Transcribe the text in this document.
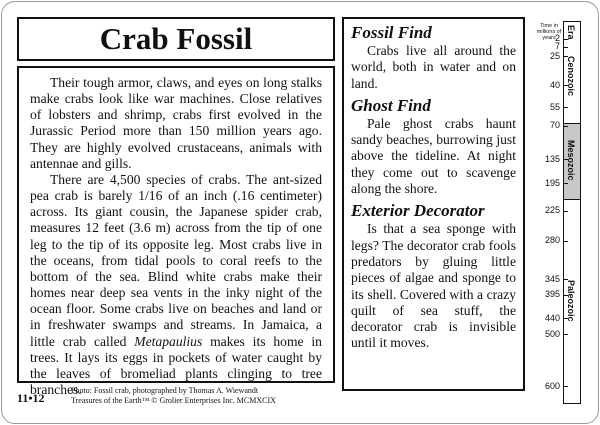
Crab Fossil

Their tough armor, claws, and eyes on long stalks make crabs look like war machines. Close relatives of lobsters and shrimp, crabs first evolved in the Jurassic Period more than 150 million years ago. They are highly evolved crustaceans, animals with antennae and gills.

There are 4,500 species of crabs. The ant-sized pea crab is barely 1/16 of an inch (.16 centimeter) across. Its giant cousin, the Japanese spider crab, measures 12 feet (3.6 m) across from the tip of one leg to the tip of its opposite leg. Most crabs live in the oceans, from tidal pools to coral reefs to the bottom of the sea. Blind white crabs make their homes near deep sea vents in the inky night of the ocean floor. Some crabs live on beaches and land or in freshwater swamps and streams. In Jamaica, a little crab called Metapaulius makes its home in trees. It lays its eggs in pockets of water caught by the leaves of bromeliad plants clinging to tree branches.

Fossil Find

Crabs live all around the world, both in water and on land.

Ghost Find

Pale ghost crabs haunt sandy beaches, burrowing just above the tideline. At night they come out to scavenge along the shore.

Exterior Decorator

Is that a sea sponge with legs? The decorator crab fools predators by gluing little pieces of algae and sponge to its shell. Covered with a crazy quilt of sea stuff, the decorator crab is invisible until it moves.

11•12
Photo: Fossil crab, photographed by Thomas A. Wiewandt
Treasures of the Earth™ © Grolier Enterprises Inc. MCMXCIX
Time in millions of years	Era
Cenozoic
Mesozoic
Paleozoic
2
7
25
40
55
70
135
195
225
280
345
395
440
500
600
